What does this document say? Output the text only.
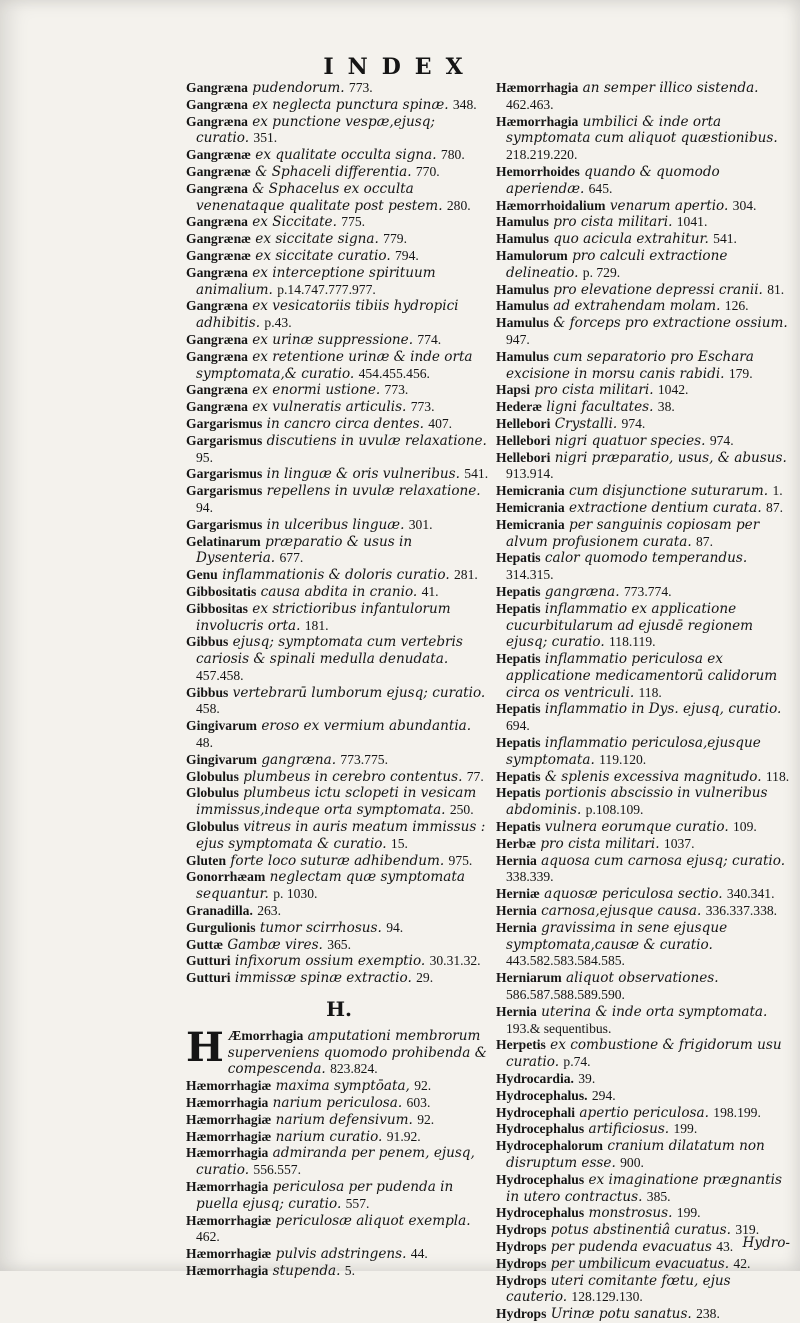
INDEX

Gangræna pudendorum. 773.

Gangræna ex neglecta punctura spinæ. 348.

Gangræna ex punctione vespæ,ejusq; curatio. 351.

Gangrænæ ex qualitate occulta signa. 780.

Gangrænæ & Sphaceli differentia. 770.

Gangræna & Sphacelus ex occulta venenataque qualitate post pestem. 280.

Gangræna ex Siccitate. 775.

Gangrænæ ex siccitate signa. 779.

Gangrænæ ex siccitate curatio. 794.

Gangræna ex interceptione spirituum animalium. p.14.747.777.977.

Gangræna ex vesicatoriis tibiis hydropici adhibitis. p.43.

Gangræna ex urinæ suppressione. 774.

Gangræna ex retentione urinæ & inde orta symptomata,& curatio. 454.455.456.

Gangræna ex enormi ustione. 773.

Gangræna ex vulneratis articulis. 773.

Gargarismus in cancro circa dentes. 407.

Gargarismus discutiens in uvulæ relaxatione. 95.

Gargarismus in linguæ & oris vulneribus. 541.

Gargarismus repellens in uvulæ relaxatione. 94.

Gargarismus in ulceribus linguæ. 301.

Gelatinarum præparatio & usus in Dysenteria. 677.

Genu inflammationis & doloris curatio. 281.

Gibbositatis causa abdita in cranio. 41.

Gibbositas ex strictioribus infantulorum involucris orta. 181.

Gibbus ejusq; symptomata cum vertebris cariosis & spinali medulla denudata. 457.458.

Gibbus vertebrarū lumborum ejusq; curatio. 458.

Gingivarum eroso ex vermium abundantia. 48.

Gingivarum gangræna. 773.775.

Globulus plumbeus in cerebro contentus. 77.

Globulus plumbeus ictu sclopeti in vesicam immissus,indeque orta symptomata. 250.

Globulus vitreus in auris meatum immissus : ejus symptomata & curatio. 15.

Gluten forte loco suturæ adhibendum. 975.

Gonorrhæam neglectam quæ symptomata sequantur. p. 1030.

Granadilla. 263.

Gurgulionis tumor scirrhosus. 94.

Guttæ Gambæ vires. 365.

Gutturi infixorum ossium exemptio. 30.31.32.

Gutturi immissæ spinæ extractio. 29.

H.

H Æmorrhagia amputationi membrorum superveniens quomodo prohibenda & compescenda. 823.824.

Hæmorrhagiæ maxima symptōata, 92.

Hæmorrhagia narium periculosa. 603.

Hæmorrhagiæ narium defensivum. 92.

Hæmorrhagiæ narium curatio. 91.92.

Hæmorrhagia admiranda per penem, ejusq, curatio. 556.557.

Hæmorrhagia periculosa per pudenda in puella ejusq; curatio. 557.

Hæmorrhagiæ periculosæ aliquot exempla. 462.

Hæmorrhagiæ pulvis adstringens. 44.

Hæmorrhagia stupenda. 5.

Hæmorrhagia an semper illico sistenda. 462.463.

Hæmorrhagia umbilici & inde orta symptomata cum aliquot quæstionibus. 218.219.220.

Hemorrhoides quando & quomodo aperiendæ. 645.

Hæmorrhoidalium venarum apertio. 304.

Hamulus pro cista militari. 1041.

Hamulus quo acicula extrahitur. 541.

Hamulorum pro calculi extractione delineatio. p. 729.

Hamulus pro elevatione depressi cranii. 81.

Hamulus ad extrahendam molam. 126.

Hamulus & forceps pro extractione ossium. 947.

Hamulus cum separatorio pro Eschara excisione in morsu canis rabidi. 179.

Hapsi pro cista militari. 1042.

Hederæ ligni facultates. 38.

Hellebori Crystalli. 974.

Hellebori nigri quatuor species. 974.

Hellebori nigri præparatio, usus, & abusus. 913.914.

Hemicrania cum disjunctione suturarum. 1.

Hemicrania extractione dentium curata. 87.

Hemicrania per sanguinis copiosam per alvum profusionem curata. 87.

Hepatis calor quomodo temperandus. 314.315.

Hepatis gangræna. 773.774.

Hepatis inflammatio ex applicatione cucurbitularum ad ejusdē regionem ejusq; curatio. 118.119.

Hepatis inflammatio periculosa ex applicatione medicamentorū calidorum circa os ventriculi. 118.

Hepatis inflammatio in Dys. ejusq, curatio. 694.

Hepatis inflammatio periculosa,ejusque symptomata. 119.120.

Hepatis & splenis excessiva magnitudo. 118.

Hepatis portionis abscissio in vulneribus abdominis. p.108.109.

Hepatis vulnera eorumque curatio. 109.

Herbæ pro cista militari. 1037.

Hernia aquosa cum carnosa ejusq; curatio. 338.339.

Herniæ aquosæ periculosa sectio. 340.341.

Hernia carnosa,ejusque causa. 336.337.338.

Hernia gravissima in sene ejusque symptomata,causæ & curatio. 443.582.583.584.585.

Herniarum aliquot observationes. 586.587.588.589.590.

Hernia uterina & inde orta symptomata. 193.& sequentibus.

Herpetis ex combustione & frigidorum usu curatio. p.74.

Hydrocardia. 39.

Hydrocephalus. 294.

Hydrocephali apertio periculosa. 198.199.

Hydrocephalus artificiosus. 199.

Hydrocephalorum cranium dilatatum non disruptum esse. 900.

Hydrocephalus ex imaginatione prægnantis in utero contractus. 385.

Hydrocephalus monstrosus. 199.

Hydrops potus abstinentiâ curatus. 319.

Hydrops per pudenda evacuatus 43.

Hydrops per umbilicum evacuatus. 42.

Hydrops uteri comitante fœtu, ejus cauterio. 128.129.130.

Hydrops Urinæ potu sanatus. 238.

Hydro-
